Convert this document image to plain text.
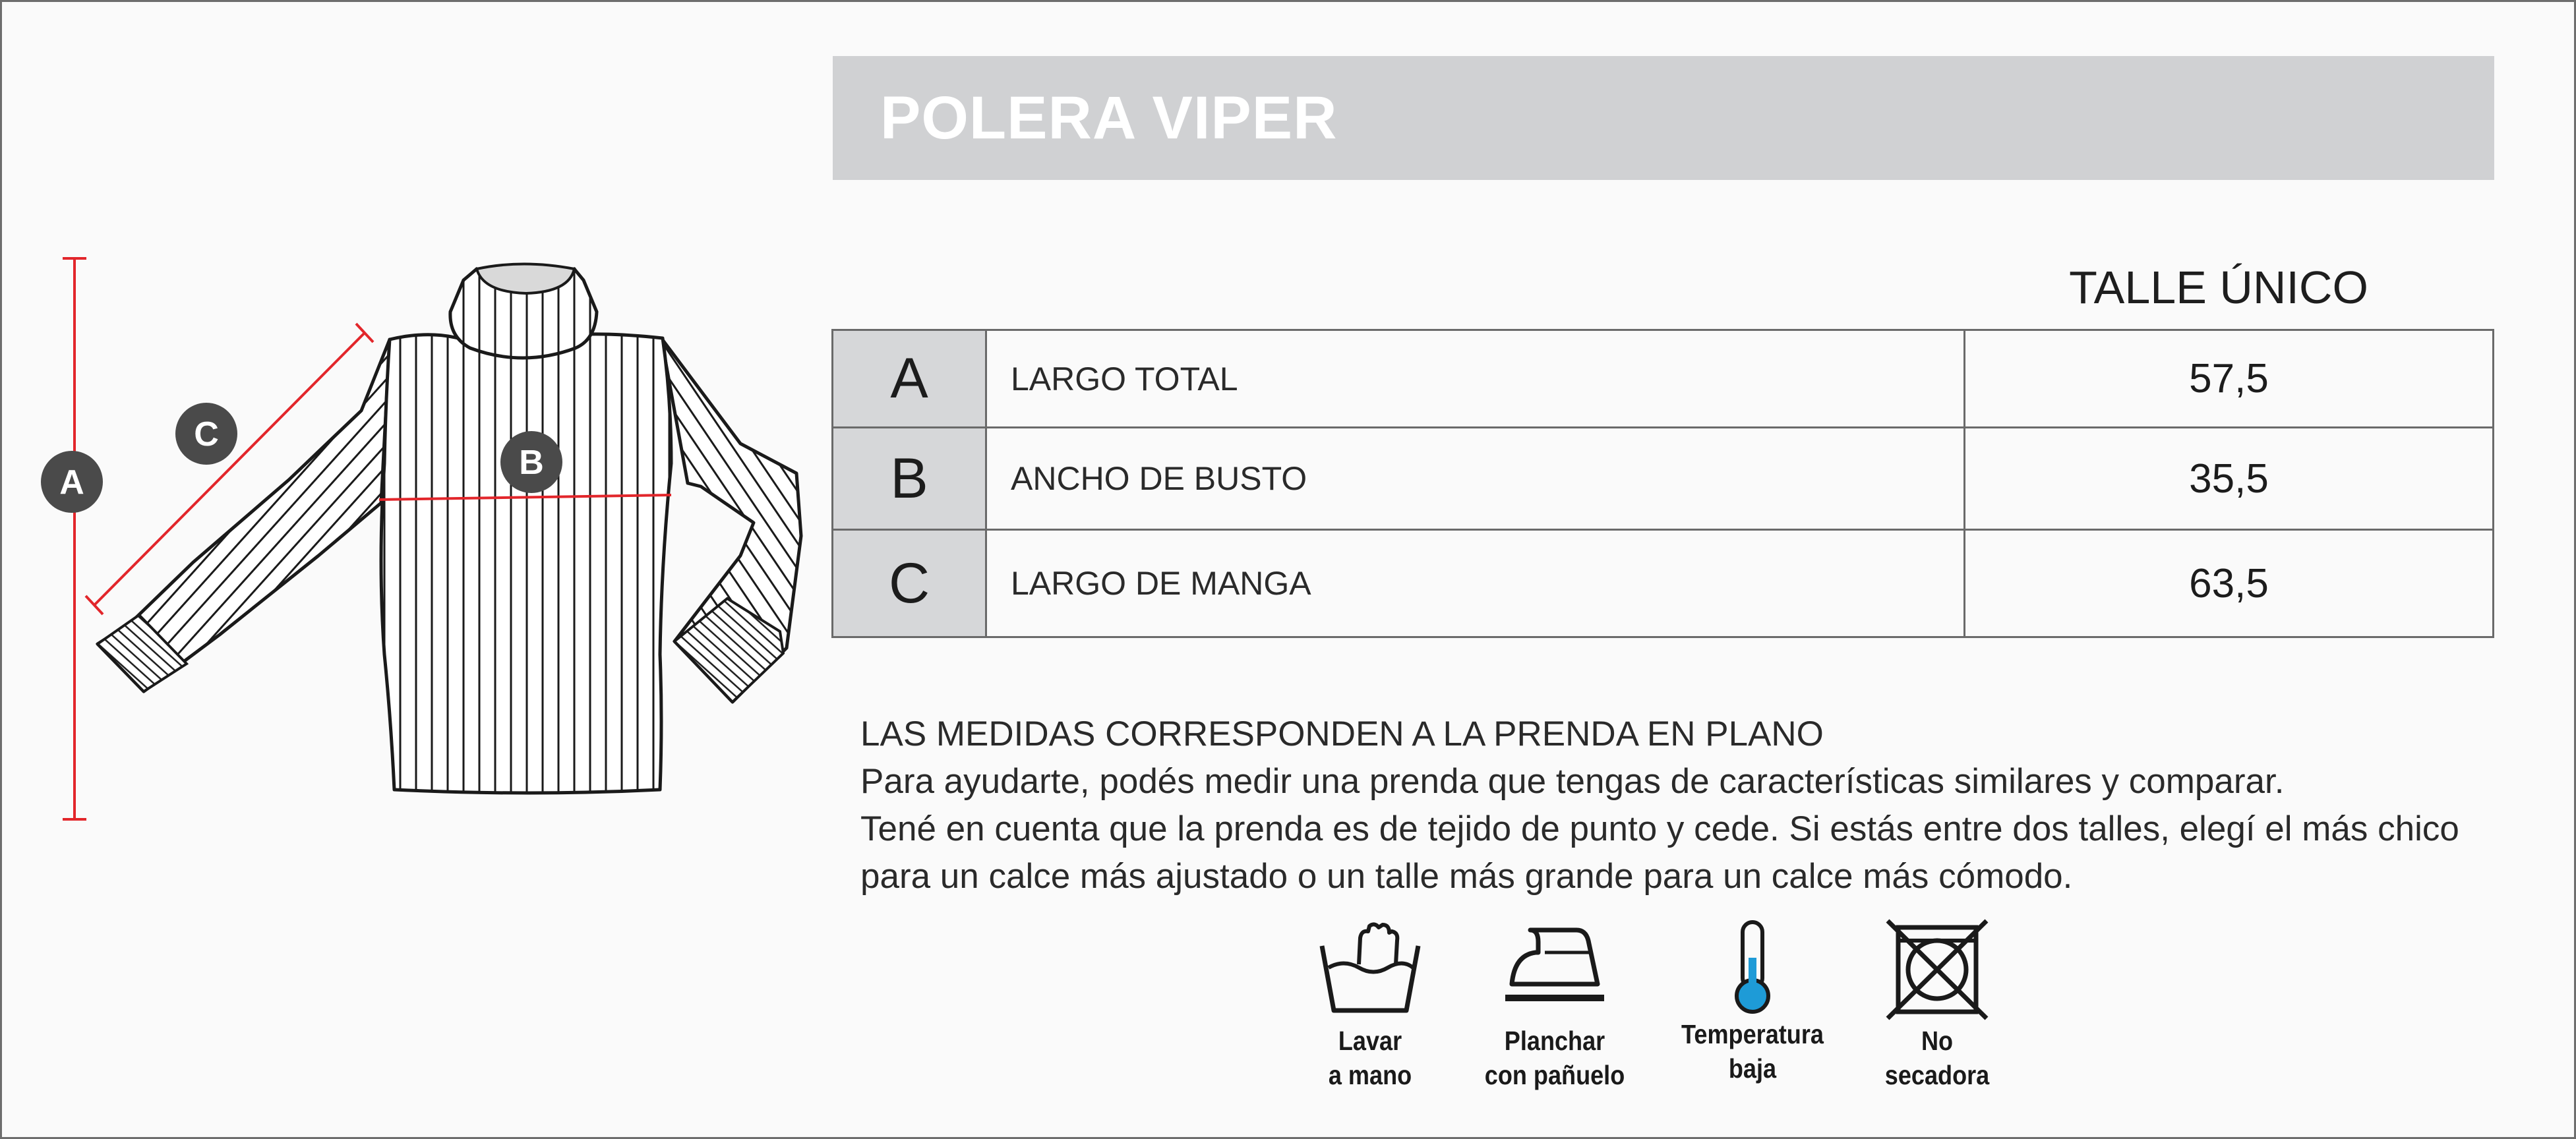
A
C
B
POLERA VIPER
TALLE ÚNICO
A	LARGO TOTAL	57,5
B	ANCHO DE BUSTO	35,5
C	LARGO DE MANGA	63,5
LAS MEDIDAS CORRESPONDEN A LA PRENDA EN PLANO
Para ayudarte, podés medir una prenda que tengas de características similares y comparar.
Tené en cuenta que la prenda es de tejido de punto y cede. Si estás entre dos talles, elegí el más chico
para un calce más ajustado o un talle más grande para un calce más cómodo.
Lavar
a mano
Planchar
con pañuelo
Temperatura
baja
No
secadora
